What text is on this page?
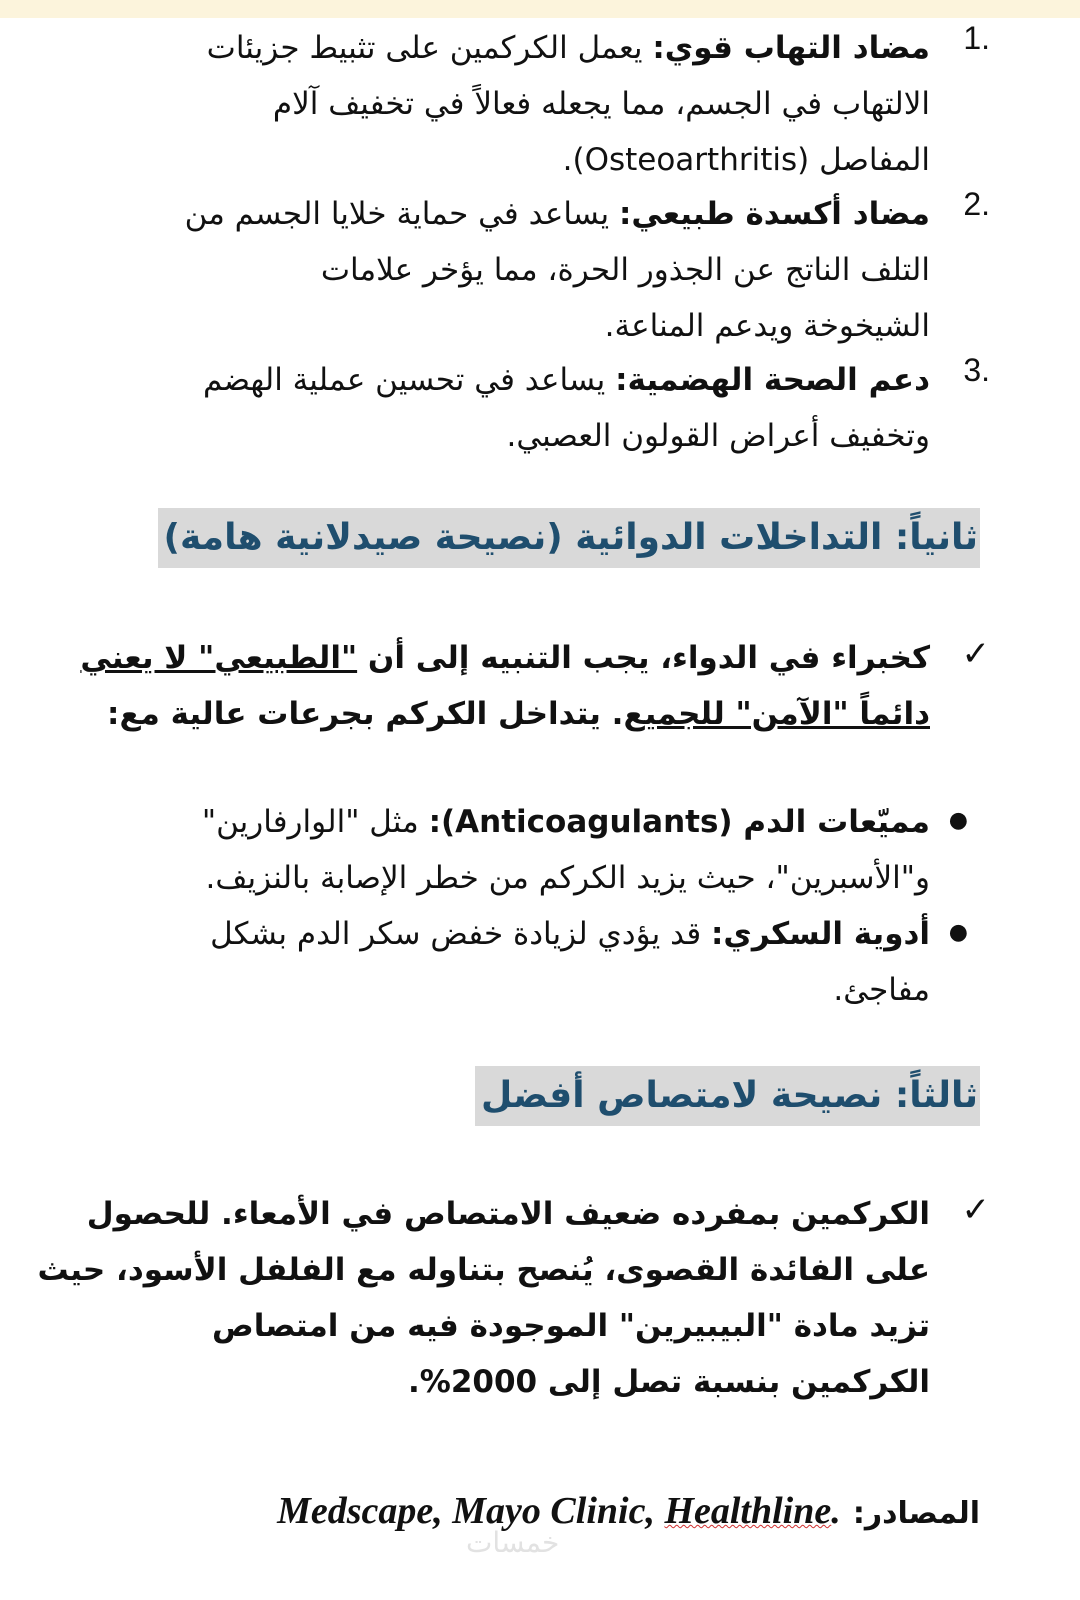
.1
مضاد التهاب قوي: يعمل الكركمين على تثبيط جزيئات
الالتهاب في الجسم، مما يجعله فعالاً في تخفيف آلام
المفاصل (Osteoarthritis).
.2
مضاد أكسدة طبيعي: يساعد في حماية خلايا الجسم من
التلف الناتج عن الجذور الحرة، مما يؤخر علامات
الشيخوخة ويدعم المناعة.
.3
دعم الصحة الهضمية: يساعد في تحسين عملية الهضم
وتخفيف أعراض القولون العصبي.
ثانياً: التداخلات الدوائية (نصيحة صيدلانية هامة)
✓
كخبراء في الدواء، يجب التنبيه إلى أن "الطبيعي" لا يعني
دائماً "الآمن" للجميع. يتداخل الكركم بجرعات عالية مع:
●
مميّعات الدم (Anticoagulants): مثل "الوارفارين"
و"الأسبرين"، حيث يزيد الكركم من خطر الإصابة بالنزيف.
●
أدوية السكري: قد يؤدي لزيادة خفض سكر الدم بشكل
مفاجئ.
ثالثاً: نصيحة لامتصاص أفضل
✓
الكركمين بمفرده ضعيف الامتصاص في الأمعاء. للحصول
على الفائدة القصوى، يُنصح بتناوله مع الفلفل الأسود، حيث
تزيد مادة "البيبيرين" الموجودة فيه من امتصاص
الكركمين بنسبة تصل إلى 2000%.
المصادر: Medscape, Mayo Clinic, Healthline.
خمسات
